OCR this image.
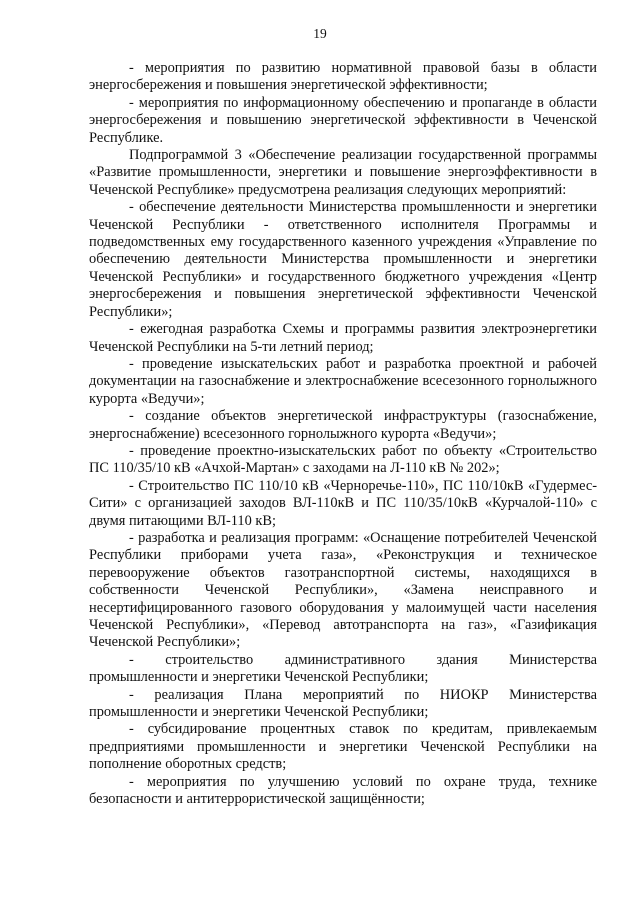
19

- мероприятия по развитию нормативной правовой базы в области энергосбережения и повышения энергетической эффективности;

- мероприятия по информационному обеспечению и пропаганде в области энергосбережения и повышению энергетической эффективности в Чеченской Республике.

Подпрограммой 3 «Обеспечение реализации государственной программы «Развитие промышленности, энергетики и повышение энергоэффективности в Чеченской Республике» предусмотрена реализация следующих мероприятий:

- обеспечение деятельности Министерства промышленности и энергетики Чеченской Республики - ответственного исполнителя Программы и подведомственных ему государственного казенного учреждения «Управление по обеспечению деятельности Министерства промышленности и энергетики Чеченской Республики» и государственного бюджетного учреждения «Центр энергосбережения и повышения энергетической эффективности Чеченской Республики»;

- ежегодная разработка Схемы и программы развития электроэнергетики Чеченской Республики на 5-ти летний период;

- проведение изыскательских работ и разработка проектной и рабочей документации на газоснабжение и электроснабжение всесезонного горнолыжного курорта «Ведучи»;

- создание объектов энергетической инфраструктуры (газоснабжение, энергоснабжение) всесезонного горнолыжного курорта «Ведучи»;

- проведение проектно-изыскательских работ по объекту «Строительство ПС 110/35/10 кВ «Ачхой-Мартан» с заходами на Л-110 кВ № 202»;

- Строительство ПС 110/10 кВ «Черноречье-110», ПС 110/10кВ «Гудермес-Сити» с организацией заходов ВЛ-110кВ и ПС 110/35/10кВ «Курчалой-110» с двумя питающими ВЛ-110 кВ;

- разработка и реализация программ: «Оснащение потребителей Чеченской Республики приборами учета газа», «Реконструкция и техническое перевооружение объектов газотранспортной системы, находящихся в собственности Чеченской Республики», «Замена неисправного и несертифицированного газового оборудования у малоимущей части населения Чеченской Республики», «Перевод автотранспорта на газ», «Газификация Чеченской Республики»;

- строительство административного здания Министерства промышленности и энергетики Чеченской Республики;

- реализация Плана мероприятий по НИОКР Министерства промышленности и энергетики Чеченской Республики;

- субсидирование процентных ставок по кредитам, привлекаемым предприятиями промышленности и энергетики Чеченской Республики на пополнение оборотных средств;

- мероприятия по улучшению условий по охране труда, технике безопасности и антитеррористической защищённости;
